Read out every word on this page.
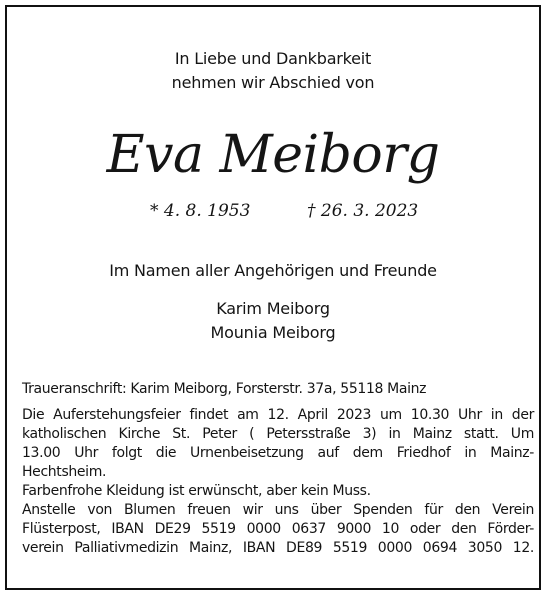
In Liebe und Dankbarkeit
nehmen wir Abschied von
Eva Meiborg
* 4. 8. 1953	† 26. 3. 2023
Im Namen aller Angehörigen und Freunde
Karim Meiborg
Mounia Meiborg
Traueranschrift: Karim Meiborg, Forsterstr. 37a, 55118 Mainz
Die Auferstehungsfeier findet am 12. April 2023 um 10.30 Uhr in der
katholischen Kirche St. Peter ( Petersstraße 3) in Mainz statt. Um
13.00 Uhr folgt die Urnenbeisetzung auf dem Friedhof in Mainz-
Hechtsheim.
Farbenfrohe Kleidung ist erwünscht, aber kein Muss.
Anstelle von Blumen freuen wir uns über Spenden für den Verein
Flüsterpost, IBAN DE29 5519 0000 0637 9000 10 oder den Förder-
verein Palliativmedizin Mainz, IBAN DE89 5519 0000 0694 3050 12.
